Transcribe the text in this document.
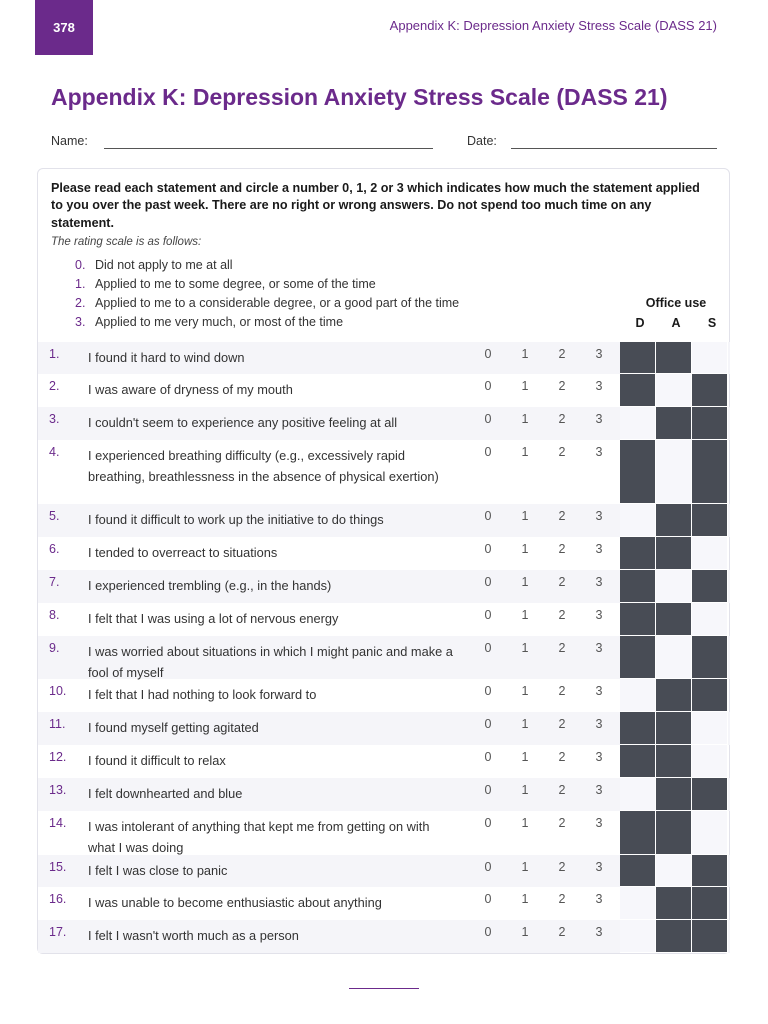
378	Appendix K: Depression Anxiety Stress Scale (DASS 21)
Appendix K: Depression Anxiety Stress Scale (DASS 21)
Name:	Date:

Please read each statement and circle a number 0, 1, 2 or 3 which indicates how much the statement applied to you over the past week. There are no right or wrong answers. Do not spend too much time on any statement.

The rating scale is as follows:
0. Did not apply to me at all
1. Applied to me to some degree, or some of the time
2. Applied to me to a considerable degree, or a good part of the time
3. Applied to me very much, or most of the time
Office use
D	A	S
1. I found it hard to wind down	0	1	2	3
2. I was aware of dryness of my mouth	0	1	2	3
3. I couldn't seem to experience any positive feeling at all	0	1	2	3
4. I experienced breathing difficulty (e.g., excessively rapid breathing, breathlessness in the absence of physical exertion)
0	1	2	3
5. I found it difficult to work up the initiative to do things	0	1	2	3
6. I tended to overreact to situations	0	1	2	3
7. I experienced trembling (e.g., in the hands)	0	1	2	3
8. I felt that I was using a lot of nervous energy	0	1	2	3
9. I was worried about situations in which I might panic and make a fool of myself
0	1	2	3
10. I felt that I had nothing to look forward to	0	1	2	3
11. I found myself getting agitated	0	1	2	3
12. I found it difficult to relax	0	1	2	3
13. I felt downhearted and blue	0	1	2	3
14. I was intolerant of anything that kept me from getting on with what I was doing
0	1	2	3
15. I felt I was close to panic	0	1	2	3
16. I was unable to become enthusiastic about anything	0	1	2	3
17. I felt I wasn't worth much as a person	0	1	2	3
